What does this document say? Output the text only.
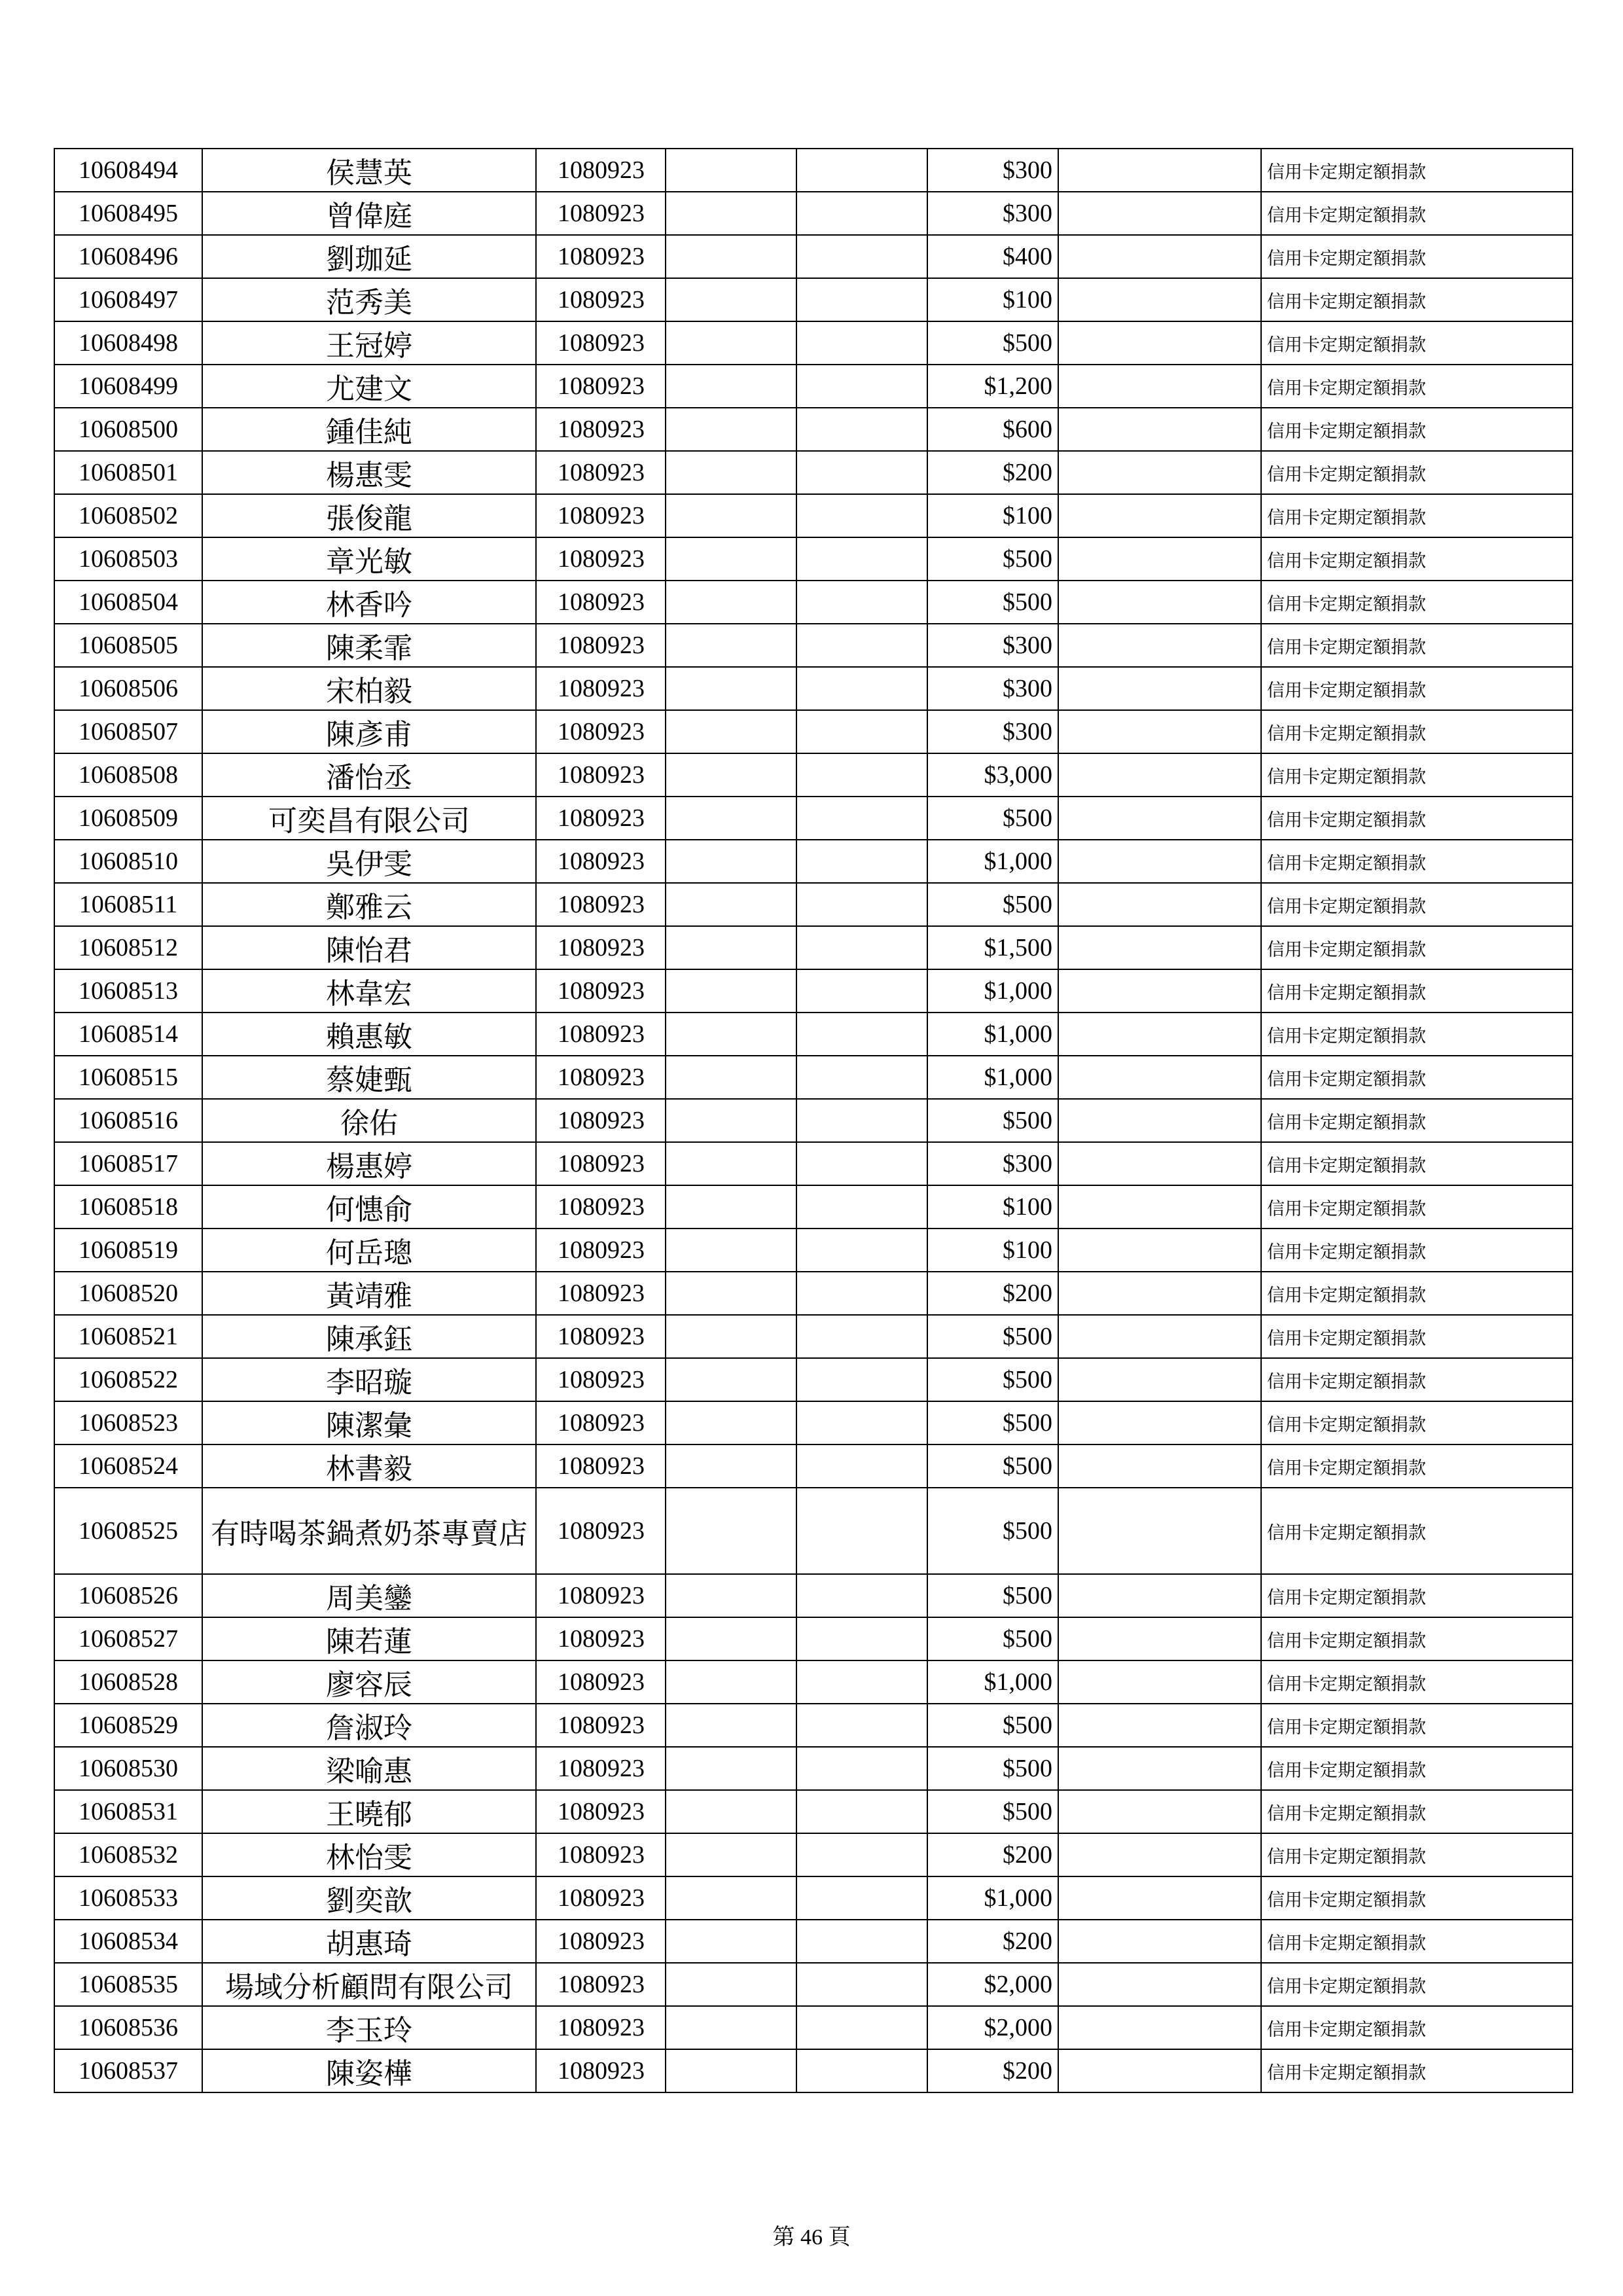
10608494	侯慧英	1080923			$300		信用卡定期定額捐款
10608495	曾偉庭	1080923			$300		信用卡定期定額捐款
10608496	劉珈延	1080923			$400		信用卡定期定額捐款
10608497	范秀美	1080923			$100		信用卡定期定額捐款
10608498	王冠婷	1080923			$500		信用卡定期定額捐款
10608499	尤建文	1080923			$1,200		信用卡定期定額捐款
10608500	鍾佳純	1080923			$600		信用卡定期定額捐款
10608501	楊惠雯	1080923			$200		信用卡定期定額捐款
10608502	張俊龍	1080923			$100		信用卡定期定額捐款
10608503	章光敏	1080923			$500		信用卡定期定額捐款
10608504	林香吟	1080923			$500		信用卡定期定額捐款
10608505	陳柔霏	1080923			$300		信用卡定期定額捐款
10608506	宋柏毅	1080923			$300		信用卡定期定額捐款
10608507	陳彥甫	1080923			$300		信用卡定期定額捐款
10608508	潘怡丞	1080923			$3,000		信用卡定期定額捐款
10608509	可奕昌有限公司	1080923			$500		信用卡定期定額捐款
10608510	吳伊雯	1080923			$1,000		信用卡定期定額捐款
10608511	鄭雅云	1080923			$500		信用卡定期定額捐款
10608512	陳怡君	1080923			$1,500		信用卡定期定額捐款
10608513	林韋宏	1080923			$1,000		信用卡定期定額捐款
10608514	賴惠敏	1080923			$1,000		信用卡定期定額捐款
10608515	蔡婕甄	1080923			$1,000		信用卡定期定額捐款
10608516	徐佑	1080923			$500		信用卡定期定額捐款
10608517	楊惠婷	1080923			$300		信用卡定期定額捐款
10608518	何憓俞	1080923			$100		信用卡定期定額捐款
10608519	何岳璁	1080923			$100		信用卡定期定額捐款
10608520	黃靖雅	1080923			$200		信用卡定期定額捐款
10608521	陳承鈺	1080923			$500		信用卡定期定額捐款
10608522	李昭璇	1080923			$500		信用卡定期定額捐款
10608523	陳潔彙	1080923			$500		信用卡定期定額捐款
10608524	林書毅	1080923			$500		信用卡定期定額捐款
10608525	有時喝茶鍋煮奶茶專賣店	1080923			$500		信用卡定期定額捐款
10608526	周美鑾	1080923			$500		信用卡定期定額捐款
10608527	陳若蓮	1080923			$500		信用卡定期定額捐款
10608528	廖容辰	1080923			$1,000		信用卡定期定額捐款
10608529	詹淑玲	1080923			$500		信用卡定期定額捐款
10608530	梁喻惠	1080923			$500		信用卡定期定額捐款
10608531	王曉郁	1080923			$500		信用卡定期定額捐款
10608532	林怡雯	1080923			$200		信用卡定期定額捐款
10608533	劉奕歆	1080923			$1,000		信用卡定期定額捐款
10608534	胡惠琦	1080923			$200		信用卡定期定額捐款
10608535	場域分析顧問有限公司	1080923			$2,000		信用卡定期定額捐款
10608536	李玉玲	1080923			$2,000		信用卡定期定額捐款
10608537	陳姿樺	1080923			$200		信用卡定期定額捐款
第 46 頁
